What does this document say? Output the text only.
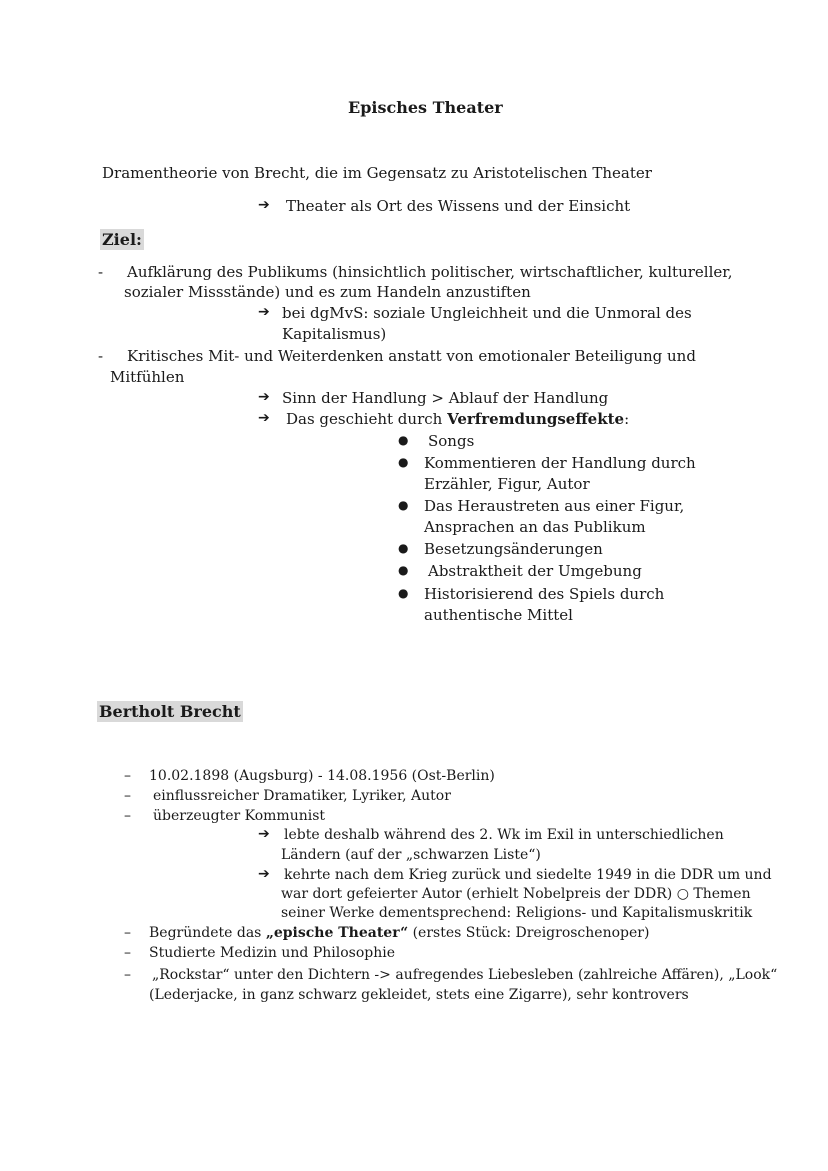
Episches Theater
Dramentheorie von Brecht, die im Gegensatz zu Aristotelischen Theater
➔ Theater als Ort des Wissens und der Einsicht
Ziel:
- Aufklärung des Publikums (hinsichtlich politischer, wirtschaftlicher, kultureller,
sozialer Missstände) und es zum Handeln anzustiften
➔ bei dgMvS: soziale Ungleichheit und die Unmoral des
Kapitalismus)
- Kritisches Mit- und Weiterdenken anstatt von emotionaler Beteiligung und
Mitfühlen
➔ Sinn der Handlung > Ablauf der Handlung
➔ Das geschieht durch Verfremdungseffekte:
● Songs
● Kommentieren der Handlung durch
Erzähler, Figur, Autor
● Das Heraustreten aus einer Figur,
Ansprachen an das Publikum
● Besetzungsänderungen
● Abstraktheit der Umgebung
● Historisierend des Spiels durch
authentische Mittel
Bertholt Brecht
– 10.02.1898 (Augsburg) - 14.08.1956 (Ost-Berlin)
– einflussreicher Dramatiker, Lyriker, Autor
– überzeugter Kommunist
➔ lebte deshalb während des 2. Wk im Exil in unterschiedlichen
Ländern (auf der „schwarzen Liste“)
➔ kehrte nach dem Krieg zurück und siedelte 1949 in die DDR um und
war dort gefeierter Autor (erhielt Nobelpreis der DDR) ○ Themen
seiner Werke dementsprechend: Religions- und Kapitalismuskritik
– Begründete das „epische Theater“ (erstes Stück: Dreigroschenoper)
– Studierte Medizin und Philosophie
– „Rockstar“ unter den Dichtern -> aufregendes Liebesleben (zahlreiche Affären), „Look“
(Lederjacke, in ganz schwarz gekleidet, stets eine Zigarre), sehr kontrovers
